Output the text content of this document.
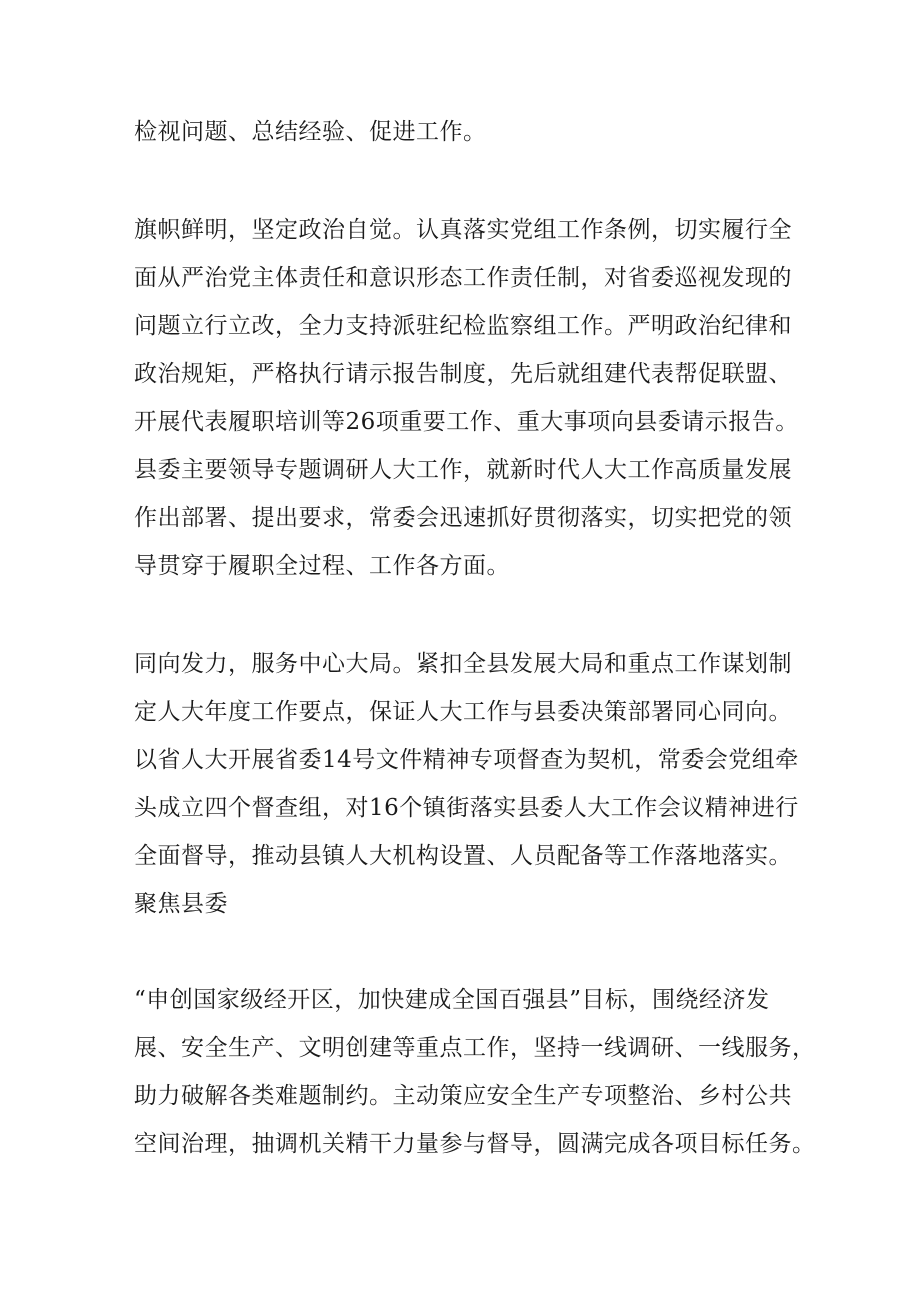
检视问题、总结经验、促进工作。

旗帜鲜明，坚定政治自觉。认真落实党组工作条例，切实履行全

面从严治党主体责任和意识形态工作责任制，对省委巡视发现的

问题立行立改，全力支持派驻纪检监察组工作。严明政治纪律和

政治规矩，严格执行请示报告制度，先后就组建代表帮促联盟、

开展代表履职培训等26项重要工作、重大事项向县委请示报告。

县委主要领导专题调研人大工作，就新时代人大工作高质量发展

作出部署、提出要求，常委会迅速抓好贯彻落实，切实把党的领

导贯穿于履职全过程、工作各方面。

同向发力，服务中心大局。紧扣全县发展大局和重点工作谋划制

定人大年度工作要点，保证人大工作与县委决策部署同心同向。

以省人大开展省委14号文件精神专项督查为契机，常委会党组牵

头成立四个督查组，对16个镇街落实县委人大工作会议精神进行

全面督导，推动县镇人大机构设置、人员配备等工作落地落实。

聚焦县委

“申创国家级经开区，加快建成全国百强县”目标，围绕经济发

展、安全生产、文明创建等重点工作，坚持一线调研、一线服务，

助力破解各类难题制约。主动策应安全生产专项整治、乡村公共

空间治理，抽调机关精干力量参与督导，圆满完成各项目标任务。
